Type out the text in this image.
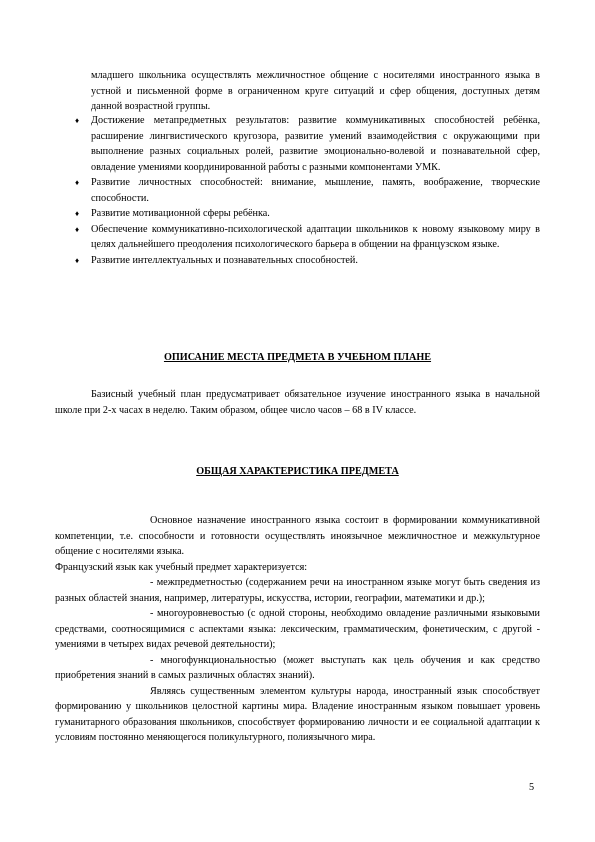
младшего школьника осуществлять межличностное общение с носителями иностранного языка в устной и письменной форме в ограниченном круге ситуаций и сфер общения, доступных детям данной возрастной группы.
♦ Достижение метапредметных результатов: развитие коммуникативных способностей ребёнка, расширение лингвистического кругозора, развитие умений взаимодействия с окружающими при выполнение разных социальных ролей, развитие эмоционально-волевой и познавательной сфер, овладение умениями координированной работы с разными компонентами УМК.
♦ Развитие личностных способностей: внимание, мышление, память, воображение, творческие способности.
♦ Развитие мотивационной сферы ребёнка.
♦ Обеспечение коммуникативно-психологической адаптации школьников к новому языковому миру в целях дальнейшего преодоления психологического барьера в общении на французском языке.
♦ Развитие интеллектуальных и познавательных способностей.
ОПИСАНИЕ МЕСТА ПРЕДМЕТА В УЧЕБНОМ ПЛАНЕ
Базисный учебный план предусматривает обязательное изучение иностранного языка в начальной школе при 2-х часах в неделю. Таким образом, общее число часов – 68 в IV классе.
ОБЩАЯ ХАРАКТЕРИСТИКА ПРЕДМЕТА
Основное назначение иностранного языка состоит в формировании коммуникативной компетенции, т.е. способности и готовности осуществлять иноязычное межличностное и межкультурное общение с носителями языка.
Французский язык как учебный предмет характеризуется:
- межпредметностью (содержанием речи на иностранном языке могут быть сведения из разных областей знания, например, литературы, искусства, истории, географии, математики и др.);
- многоуровневостью (с одной стороны, необходимо овладение различными языковыми средствами, соотносящимися с аспектами языка: лексическим, грамматическим, фонетическим, с другой - умениями в четырех видах речевой деятельности);
- многофункциональностью (может выступать как цель обучения и как средство приобретения знаний в самых различных областях знаний).
Являясь существенным элементом культуры народа, иностранный язык способствует формированию у школьников целостной картины мира. Владение иностранным языком повышает уровень гуманитарного образования школьников, способствует формированию личности и ее социальной адаптации к условиям постоянно меняющегося поликультурного, полиязычного мира.
5
